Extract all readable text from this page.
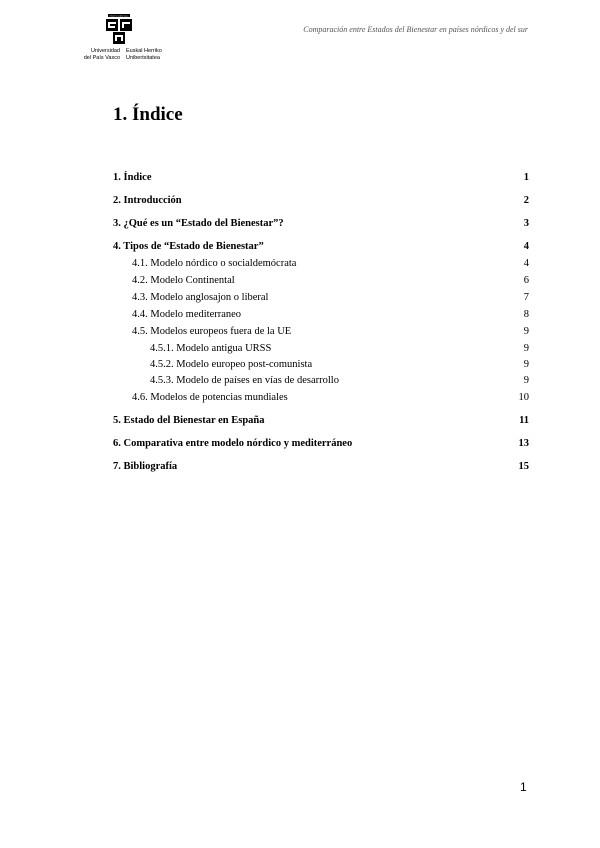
eman ta zabal zazu
Universidad
del País Vasco
Euskal Herriko
Unibertsitatea
Comparación entre Estados del Bienestar en países nórdicos y del sur
1. Índice
1. Índice	1
2. Introducción	2
3. ¿Qué es un “Estado del Bienestar”?	3
4. Tipos de “Estado de Bienestar”	4
4.1. Modelo nórdico o socialdemócrata	4
4.2. Modelo Continental	6
4.3. Modelo anglosajon o liberal	7
4.4. Modelo mediterraneo	8
4.5. Modelos europeos fuera de la UE	9
4.5.1. Modelo antigua URSS	9
4.5.2. Modelo europeo post-comunista	9
4.5.3. Modelo de países en vías de desarrollo	9
4.6. Modelos de potencias mundiales	10
5. Estado del Bienestar en España	11
6. Comparativa entre modelo nórdico y mediterráneo	13
7. Bibliografía	15
1
